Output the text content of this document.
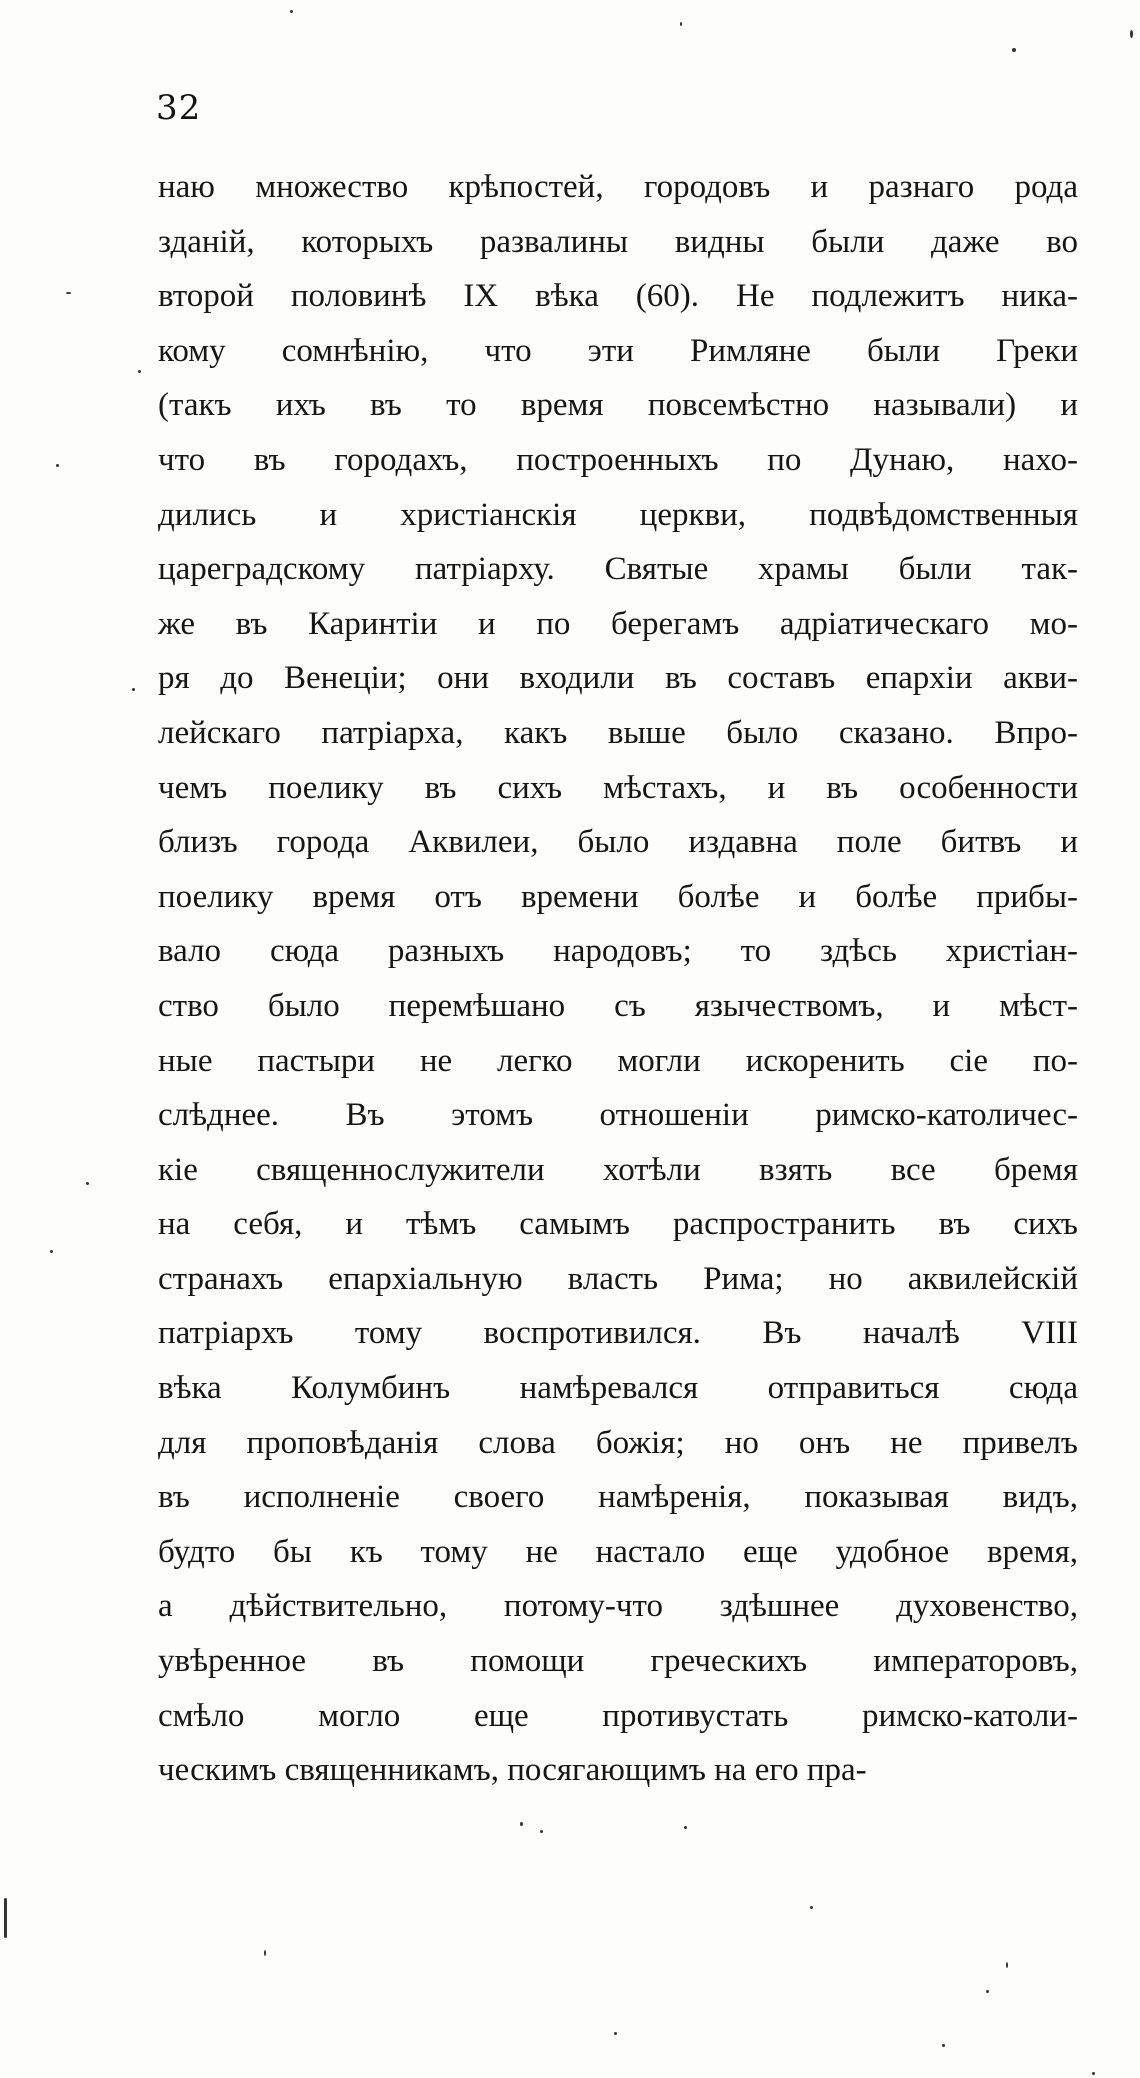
32
наю множество крѣпостей, городовъ и разнаго рода
зданій, которыхъ развалины видны были даже во
второй половинѣ IX вѣка (60). Не подлежитъ ника-
кому сомнѣнію, что эти Римляне были Греки
(такъ ихъ въ то время повсемѣстно называли) и
что въ городахъ, построенныхъ по Дунаю, нахо-
дились и христіанскія церкви, подвѣдомственныя
цареградскому патріарху. Святые храмы были так-
же въ Каринтіи и по берегамъ адріатическаго мо-
ря до Венеціи; они входили въ составъ епархіи акви-
лейскаго патріарха, какъ выше было сказано. Впро-
чемъ поелику въ сихъ мѣстахъ, и въ особенности
близъ города Аквилеи, было издавна поле битвъ и
поелику время отъ времени болѣе и болѣе прибы-
вало сюда разныхъ народовъ; то здѣсь христіан-
ство было перемѣшано съ язычествомъ, и мѣст-
ные пастыри не легко могли искоренить сіе по-
слѣднее. Въ этомъ отношеніи римско-католичес-
кіе священнослужители хотѣли взять все бремя
на себя, и тѣмъ самымъ распространить въ сихъ
странахъ епархіальную власть Рима; но аквилейскій
патріархъ тому воспротивился. Въ началѣ VIII
вѣка Колумбинъ намѣревался отправиться сюда
для проповѣданія слова божія; но онъ не привелъ
въ исполненіе своего намѣренія, показывая видъ,
будто бы къ тому не настало еще удобное время,
а дѣйствительно, потому-что здѣшнее духовенство,
увѣренное въ помощи греческихъ императоровъ,
смѣло могло еще противустать римско-католи-
ческимъ священникамъ, посягающимъ на его пра-
